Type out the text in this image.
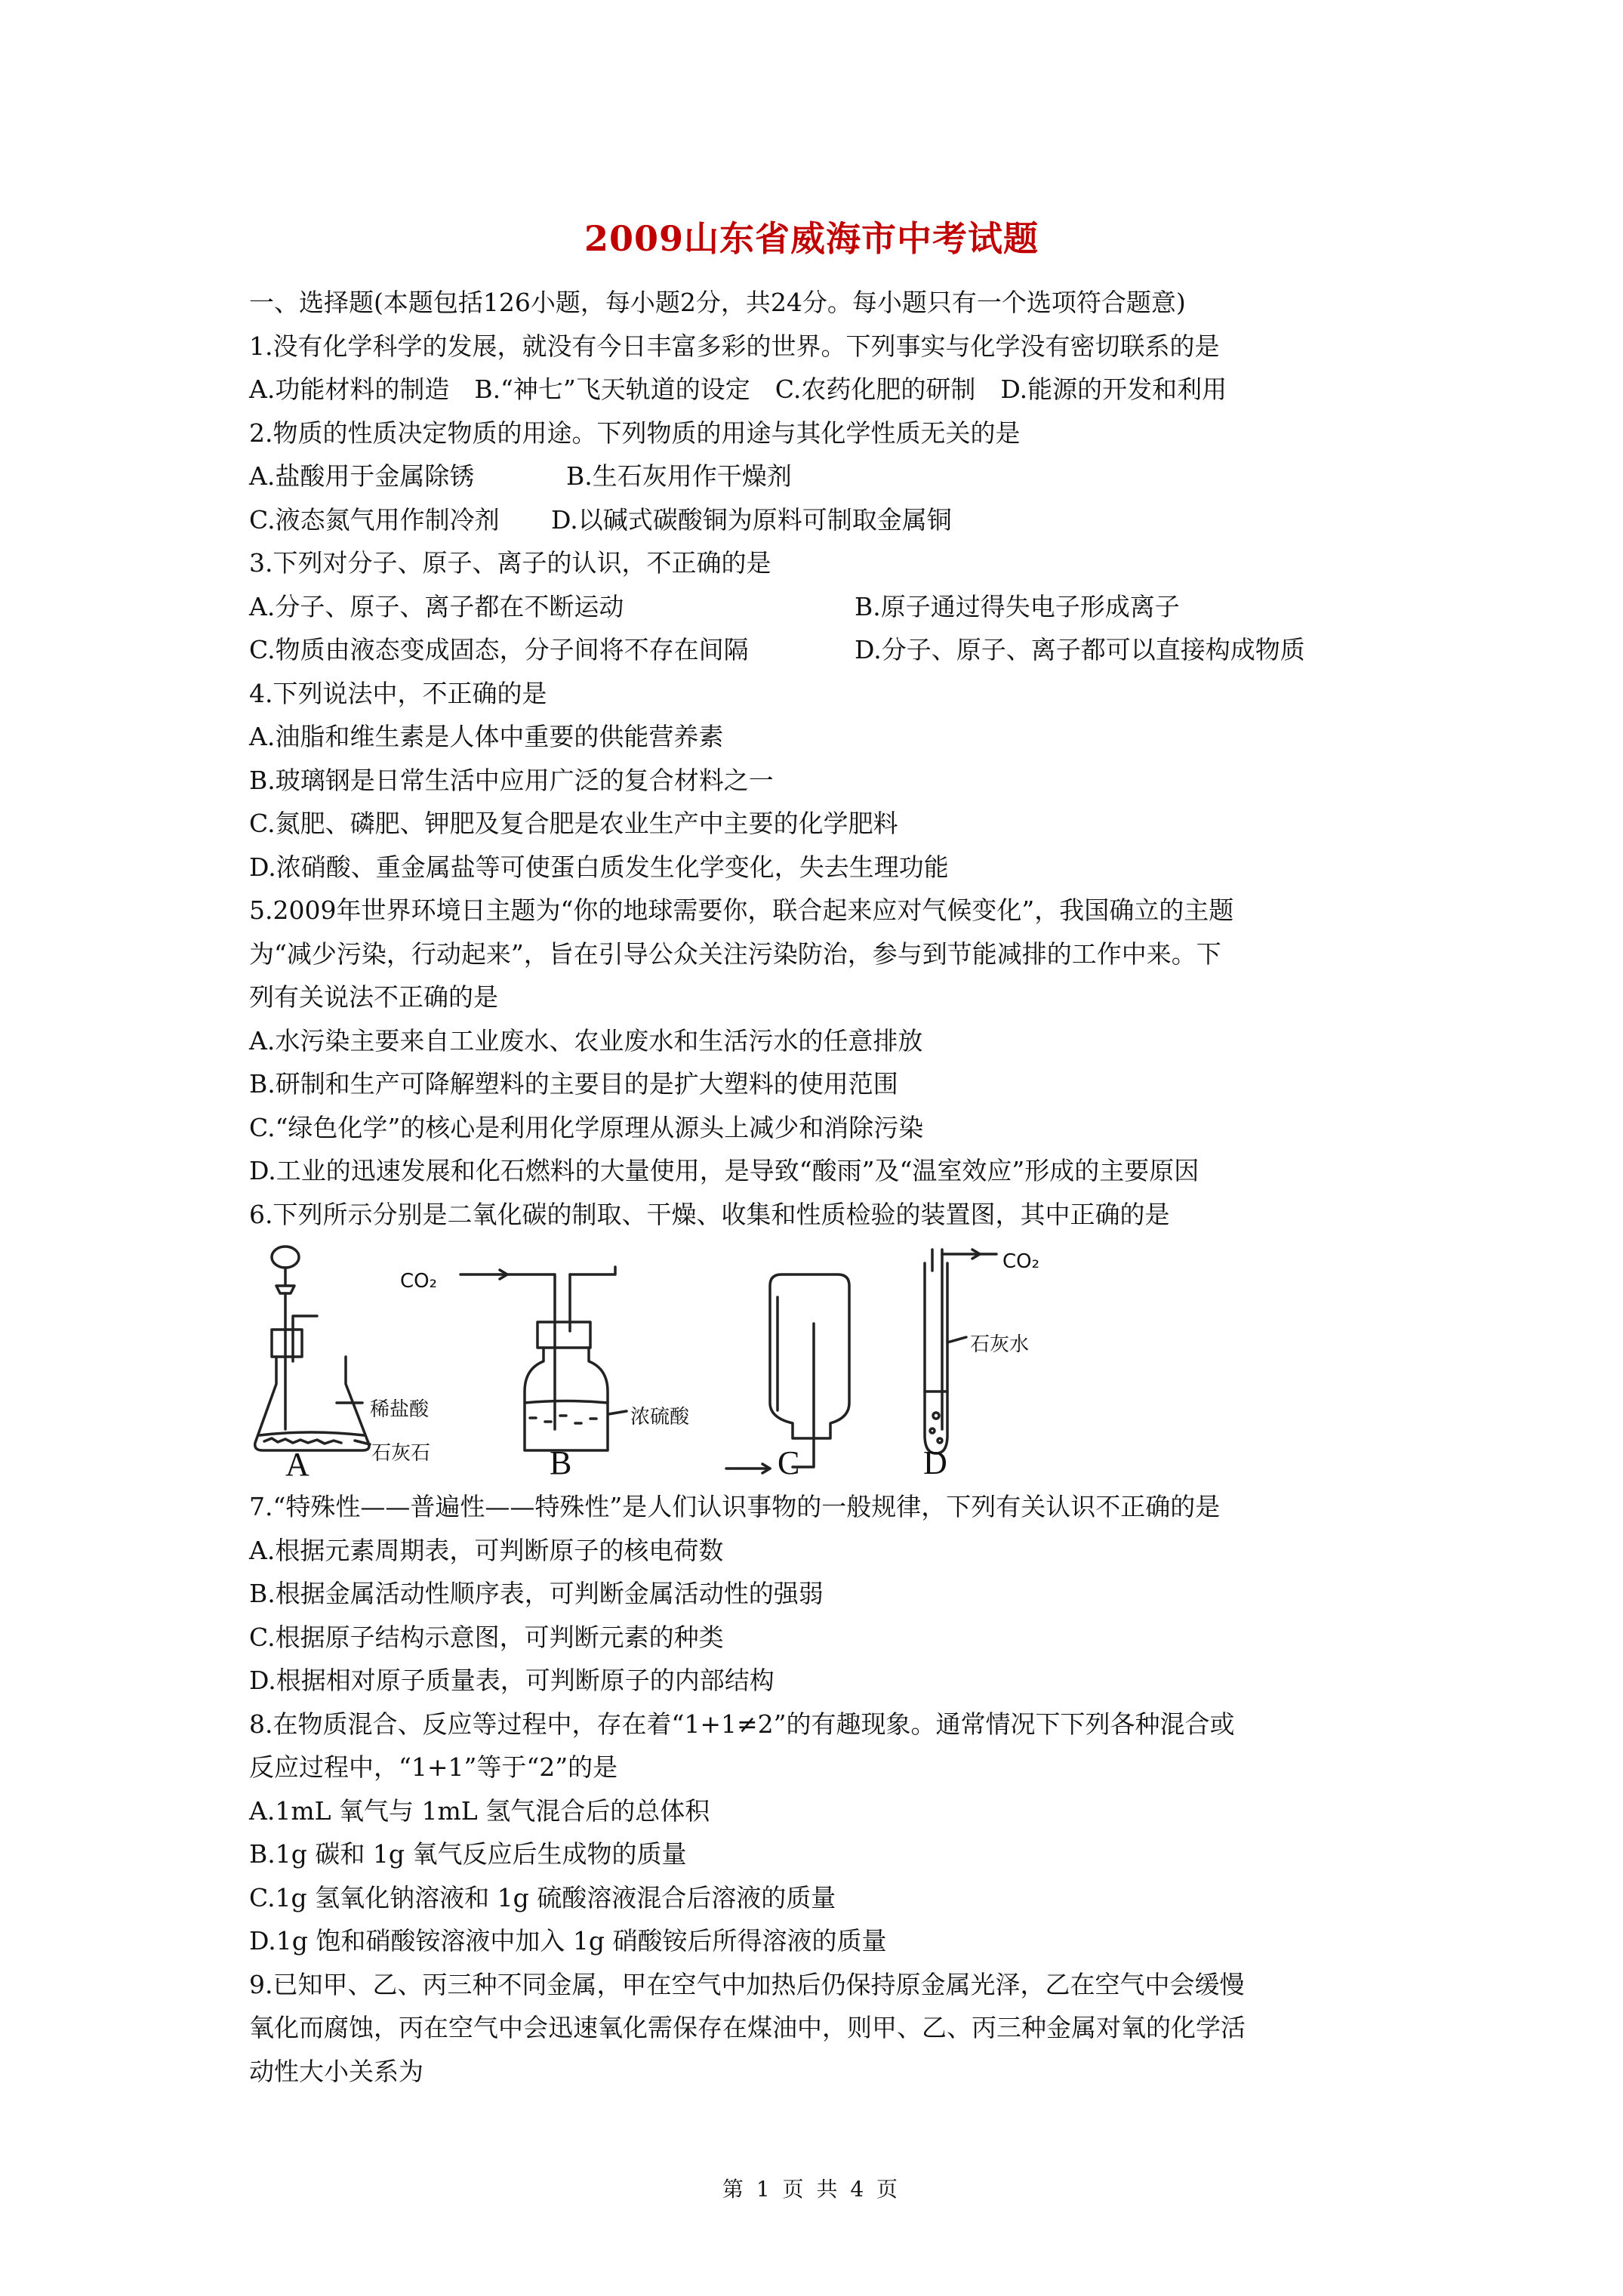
2009山东省威海市中考试题
一、选择题(本题包括126小题，每小题2分，共24分。每小题只有一个选项符合题意)
1.没有化学科学的发展，就没有今日丰富多彩的世界。下列事实与化学没有密切联系的是
A.功能材料的制造　B.“神七”飞天轨道的设定　C.农药化肥的研制　D.能源的开发和利用
2.物质的性质决定物质的用途。下列物质的用途与其化学性质无关的是
A.盐酸用于金属除锈	B.生石灰用作干燥剂
C.液态氮气用作制冷剂	D.以碱式碳酸铜为原料可制取金属铜
3.下列对分子、原子、离子的认识，不正确的是
A.分子、原子、离子都在不断运动	B.原子通过得失电子形成离子
C.物质由液态变成固态，分子间将不存在间隔	D.分子、原子、离子都可以直接构成物质
4.下列说法中，不正确的是
A.油脂和维生素是人体中重要的供能营养素
B.玻璃钢是日常生活中应用广泛的复合材料之一
C.氮肥、磷肥、钾肥及复合肥是农业生产中主要的化学肥料
D.浓硝酸、重金属盐等可使蛋白质发生化学变化，失去生理功能
5.2009年世界环境日主题为“你的地球需要你，联合起来应对气候变化”，我国确立的主题
为“减少污染，行动起来”，旨在引导公众关注污染防治，参与到节能减排的工作中来。下
列有关说法不正确的是
A.水污染主要来自工业废水、农业废水和生活污水的任意排放
B.研制和生产可降解塑料的主要目的是扩大塑料的使用范围
C.“绿色化学”的核心是利用化学原理从源头上减少和消除污染
D.工业的迅速发展和化石燃料的大量使用，是导致“酸雨”及“温室效应”形成的主要原因
6.下列所示分别是二氧化碳的制取、干燥、收集和性质检验的装置图，其中正确的是
稀盐酸
石灰石
A
CO₂
浓硫酸
B	C
CO₂
石灰水
D
7.“特殊性——普遍性——特殊性”是人们认识事物的一般规律，下列有关认识不正确的是
A.根据元素周期表，可判断原子的核电荷数
B.根据金属活动性顺序表，可判断金属活动性的强弱
C.根据原子结构示意图，可判断元素的种类
D.根据相对原子质量表，可判断原子的内部结构
8.在物质混合、反应等过程中，存在着“1+1≠2”的有趣现象。通常情况下下列各种混合或
反应过程中，“1+1”等于“2”的是
A.1mL 氧气与 1mL 氢气混合后的总体积
B.1g 碳和 1g 氧气反应后生成物的质量
C.1g 氢氧化钠溶液和 1g 硫酸溶液混合后溶液的质量
D.1g 饱和硝酸铵溶液中加入 1g 硝酸铵后所得溶液的质量
9.已知甲、乙、丙三种不同金属，甲在空气中加热后仍保持原金属光泽，乙在空气中会缓慢
氧化而腐蚀，丙在空气中会迅速氧化需保存在煤油中，则甲、乙、丙三种金属对氧的化学活
动性大小关系为
第 1 页 共 4 页
